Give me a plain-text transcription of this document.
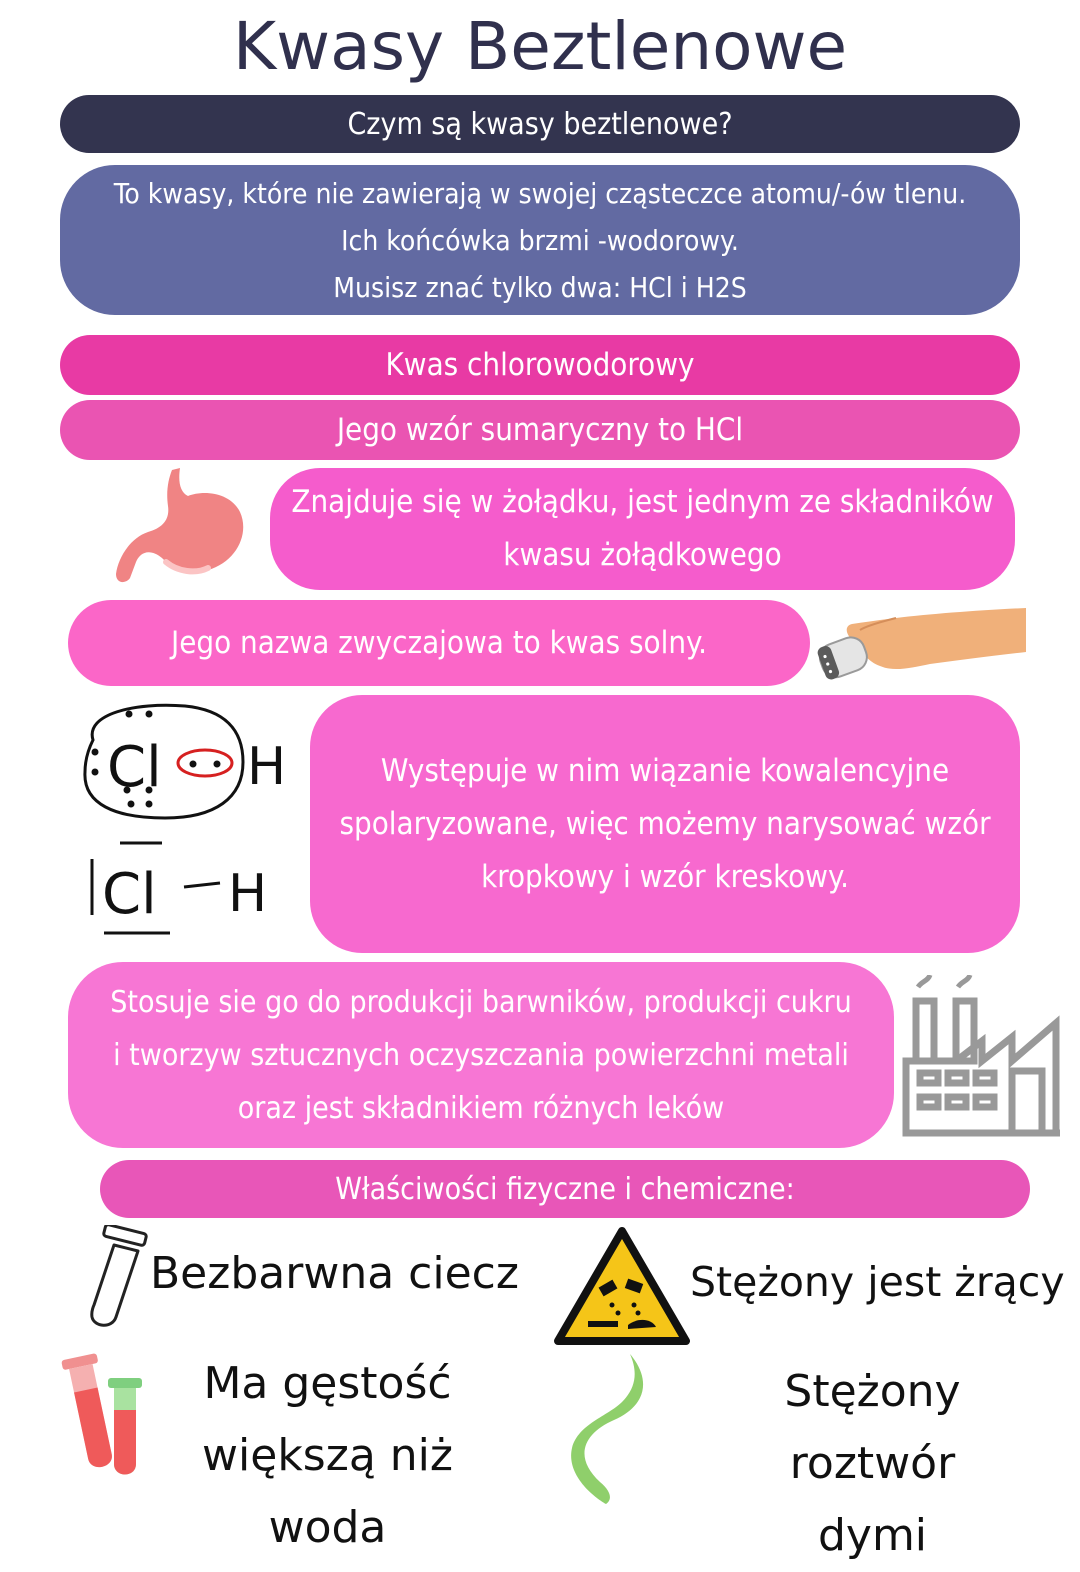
Kwasy Beztlenowe
Czym są kwasy beztlenowe?
To kwasy, które nie zawierają w swojej cząsteczce atomu/-ów tlenu.
Ich końcówka brzmi -wodorowy.
Musisz znać tylko dwa: HCl i H2S
Kwas chlorowodorowy
Jego wzór sumaryczny to HCl
Znajduje się w żołądku, jest jednym ze składników
kwasu żołądkowego
Jego nazwa zwyczajowa to kwas solny.
Cl H
Cl H
Występuje w nim wiązanie kowalencyjne
spolaryzowane, więc możemy narysować wzór
kropkowy i wzór kreskowy.
Stosuje sie go do produkcji barwników, produkcji cukru
i tworzyw sztucznych oczyszczania powierzchni metali
oraz jest składnikiem różnych leków
Właściwości fizyczne i chemiczne:
Bezbarwna ciecz	Stężony jest żrący
Ma gęstość
większą niż woda
Stężony roztwór
dymi
